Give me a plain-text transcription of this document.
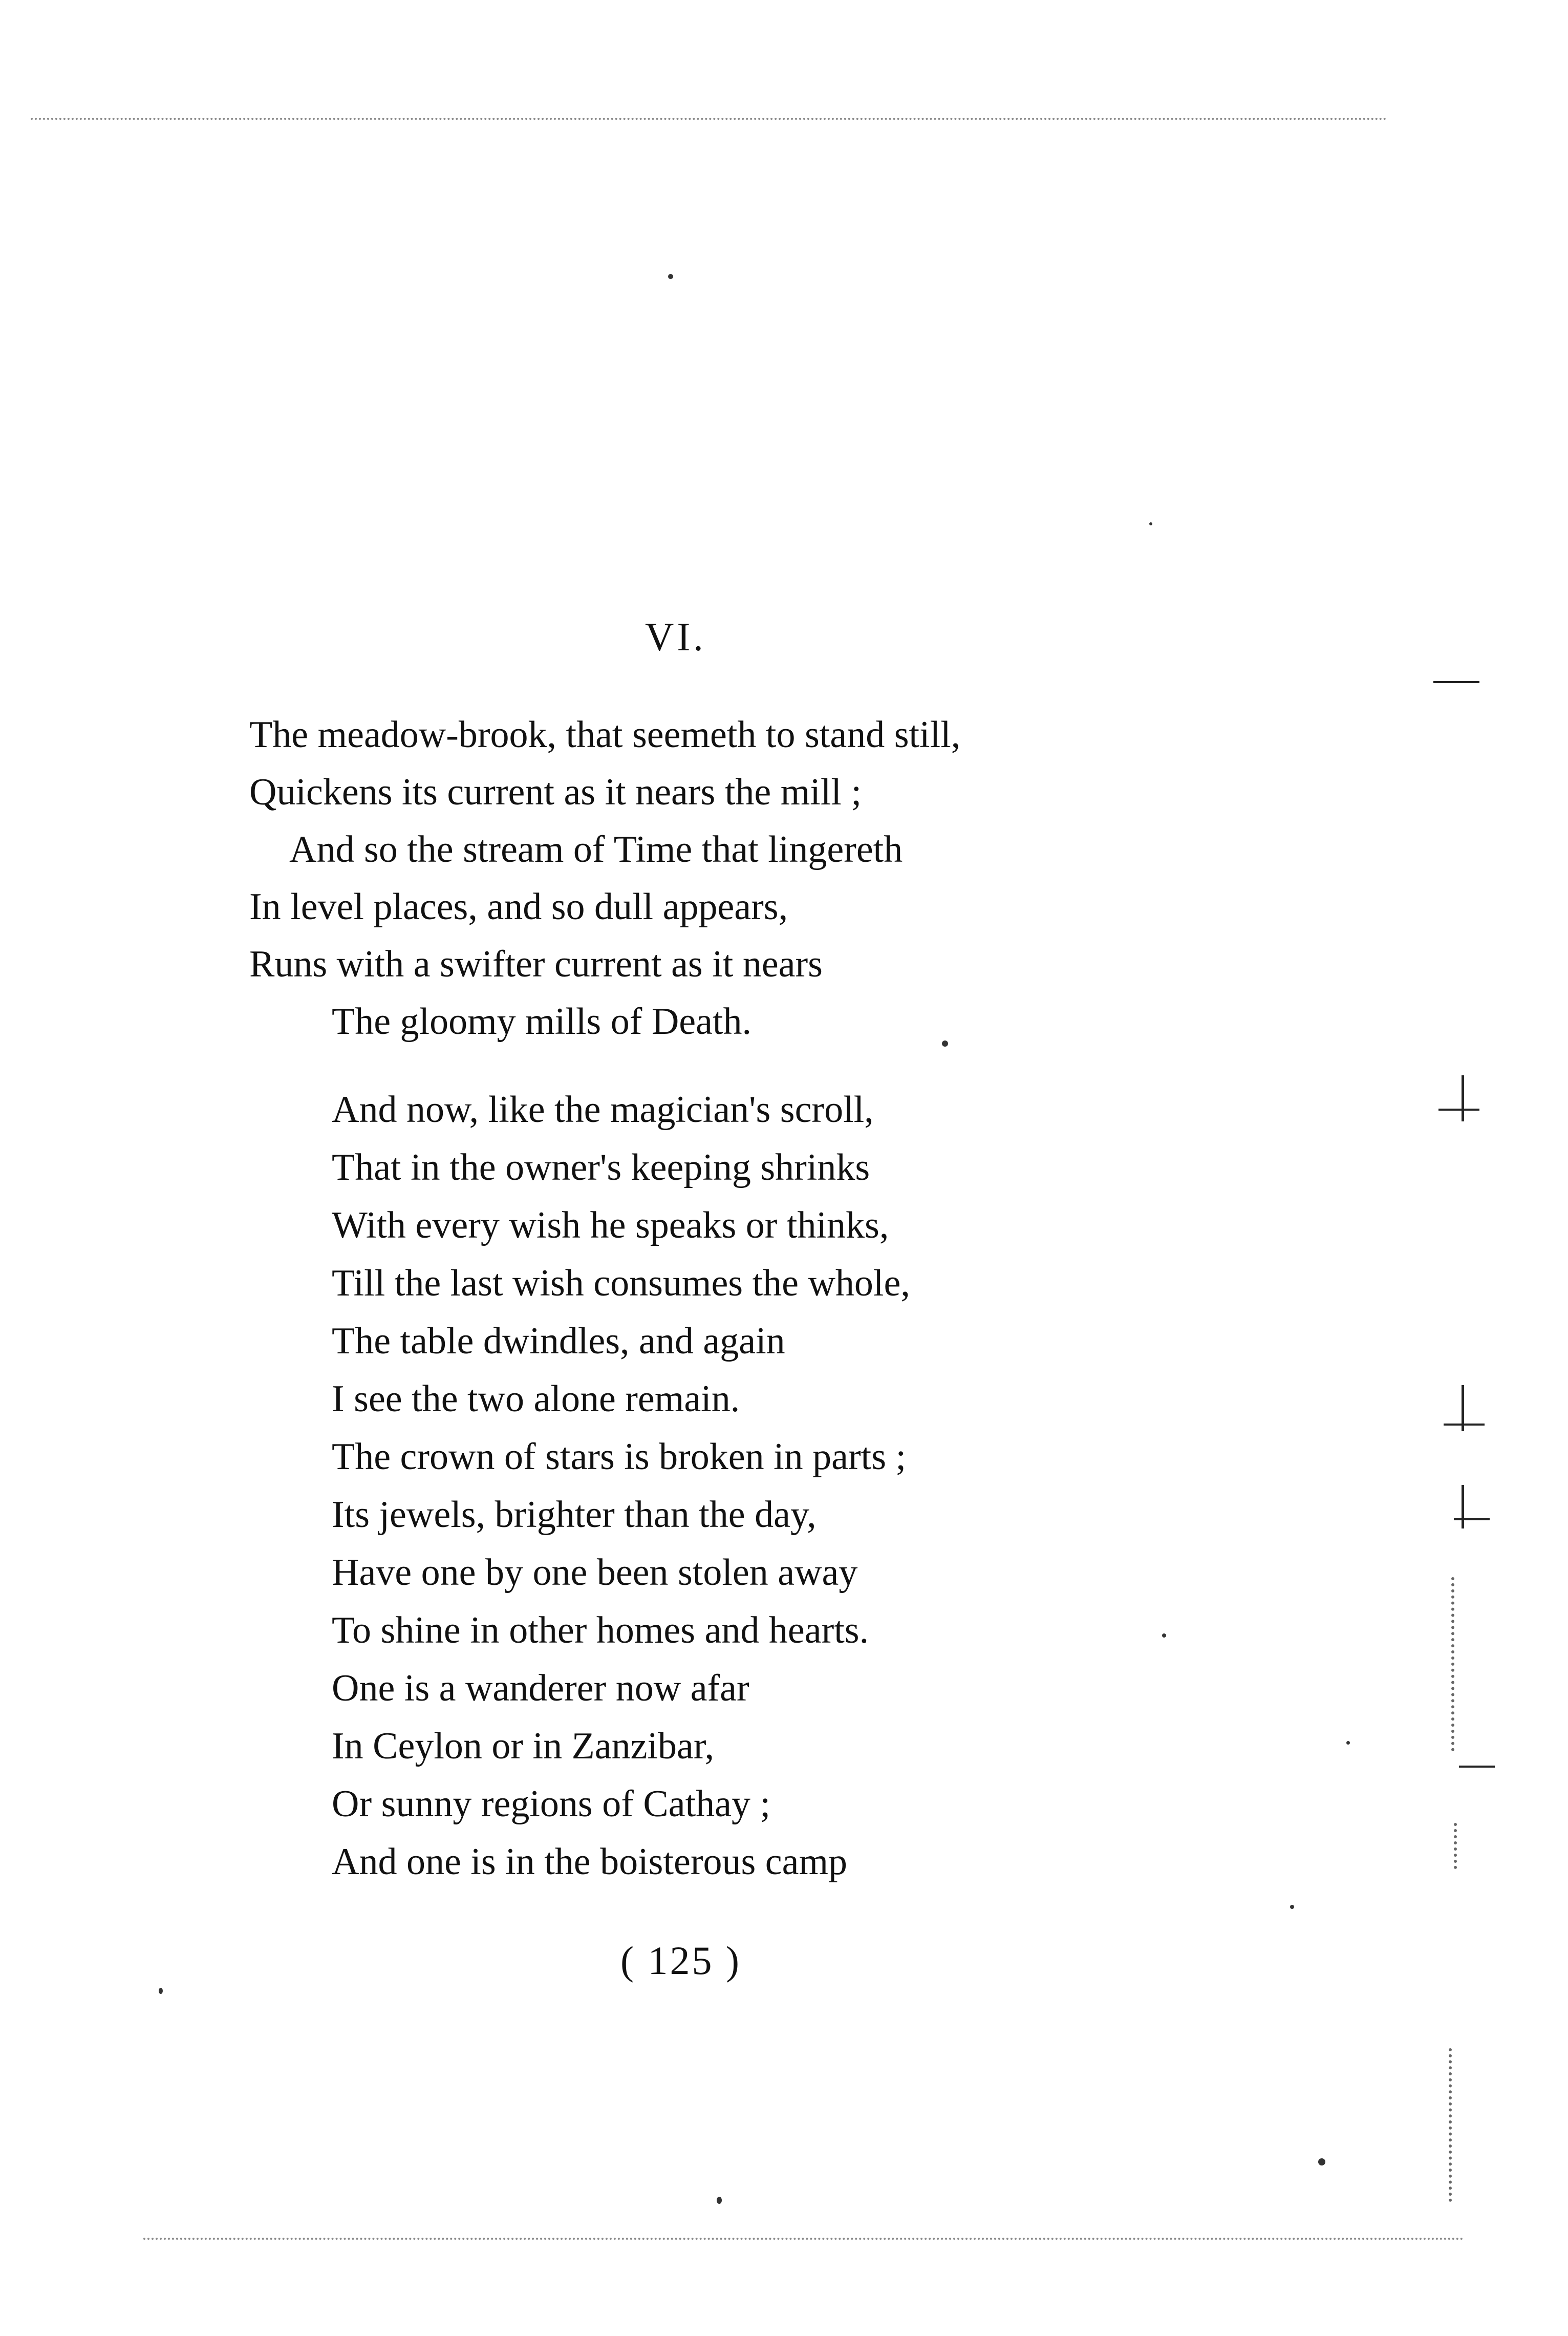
VI.
The meadow-brook, that seemeth to stand still,
Quickens its current as it nears the mill ;
And so the stream of Time that lingereth
In level places, and so dull appears,
Runs with a swifter current as it nears
The gloomy mills of Death.
And now, like the magician's scroll,
That in the owner's keeping shrinks
With every wish he speaks or thinks,
Till the last wish consumes the whole,
The table dwindles, and again
I see the two alone remain.
The crown of stars is broken in parts ;
Its jewels, brighter than the day,
Have one by one been stolen away
To shine in other homes and hearts.
One is a wanderer now afar
In Ceylon or in Zanzibar,
Or sunny regions of Cathay ;
And one is in the boisterous camp
( 125 )
